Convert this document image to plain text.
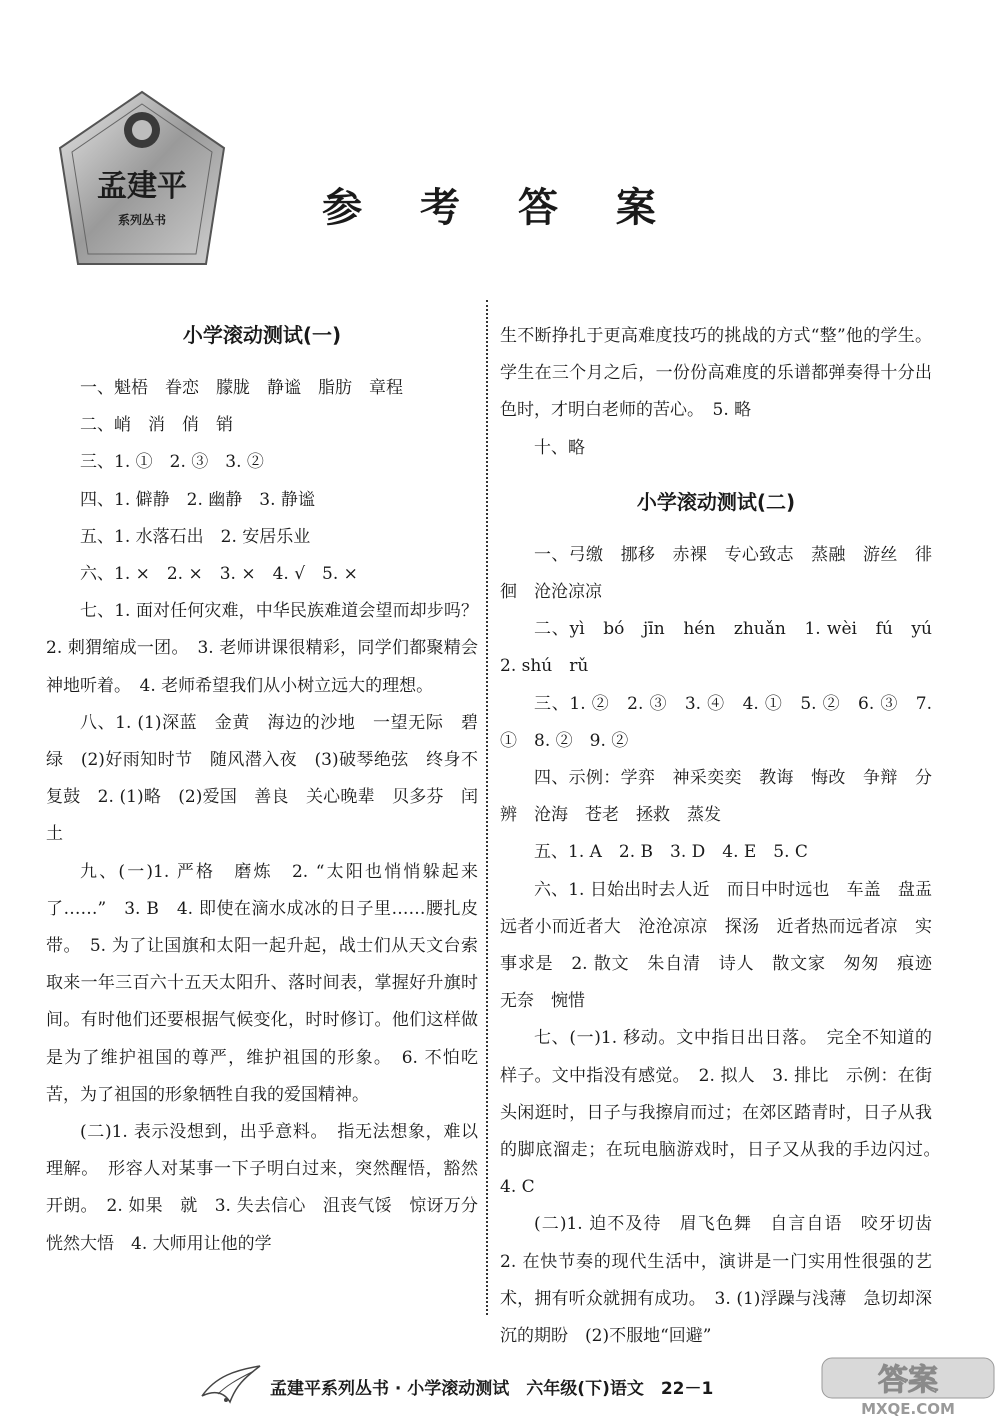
孟建平
系列丛书	参 考 答 案
小学滚动测试(一)

一、魁梧　眷恋　朦胧　静谧　脂肪　章程

二、峭　消　俏　销

三、1. ①　2. ③　3. ②

四、1. 僻静　2. 幽静　3. 静谧

五、1. 水落石出　2. 安居乐业

六、1. ×　2. ×　3. ×　4. √　5. ×

七、1. 面对任何灾难，中华民族难道会望而却步吗？　2. 刺猬缩成一团。　3. 老师讲课很精彩，同学们都聚精会神地听着。　4. 老师希望我们从小树立远大的理想。

八、1. (1)深蓝　金黄　海边的沙地　一望无际　碧绿　(2)好雨知时节　随风潜入夜　(3)破琴绝弦　终身不复鼓　2. (1)略　(2)爱国　善良　关心晚辈　贝多芬　闰土

九、(一)1. 严格　磨炼　2. “太阳也悄悄躲起来了……”　3. B　4. 即使在滴水成冰的日子里……腰扎皮带。　5. 为了让国旗和太阳一起升起，战士们从天文台索取来一年三百六十五天太阳升、落时间表，掌握好升旗时间。有时他们还要根据气候变化，时时修订。他们这样做是为了维护祖国的尊严，维护祖国的形象。　6. 不怕吃苦，为了祖国的形象牺牲自我的爱国精神。

(二)1. 表示没想到，出乎意料。　指无法想象，难以理解。　形容人对某事一下子明白过来，突然醒悟，豁然开朗。　2. 如果　就　3. 失去信心　沮丧气馁　惊讶万分　恍然大悟　4. 大师用让他的学

生不断挣扎于更高难度技巧的挑战的方式“整”他的学生。学生在三个月之后，一份份高难度的乐谱都弹奏得十分出色时，才明白老师的苦心。　5. 略

十、略

小学滚动测试(二)

一、弓缴　挪移　赤裸　专心致志　蒸融　游丝　徘徊　沧沧凉凉

二、yì　bó　jīn　hén　zhuǎn　1. wèi　fú　yú　2. shú　rǔ

三、1. ②　2. ③　3. ④　4. ①　5. ②　6. ③　7. ①　8. ②　9. ②

四、示例：学弈　神采奕奕　教诲　悔改　争辩　分辨　沧海　苍老　拯救　蒸发

五、1. A　2. B　3. D　4. E　5. C

六、1. 日始出时去人近　而日中时远也　车盖　盘盂　远者小而近者大　沧沧凉凉　探汤　近者热而远者凉　实事求是　2. 散文　朱自清　诗人　散文家　匆匆　痕迹　无奈　惋惜

七、(一)1. 移动。文中指日出日落。　完全不知道的样子。文中指没有感觉。　2. 拟人　3. 排比　示例：在街头闲逛时，日子与我擦肩而过；在郊区踏青时，日子从我的脚底溜走；在玩电脑游戏时，日子又从我的手边闪过。　4. C

(二)1. 迫不及待　眉飞色舞　自言自语　咬牙切齿　2. 在快节奏的现代生活中，演讲是一门实用性很强的艺术，拥有听众就拥有成功。　3. (1)浮躁与浅薄　急切却深沉的期盼　(2)不服地“回避”

孟建平系列丛书 · 小学滚动测试　六年级(下)语文　22－1	答案
MXQE.COM
